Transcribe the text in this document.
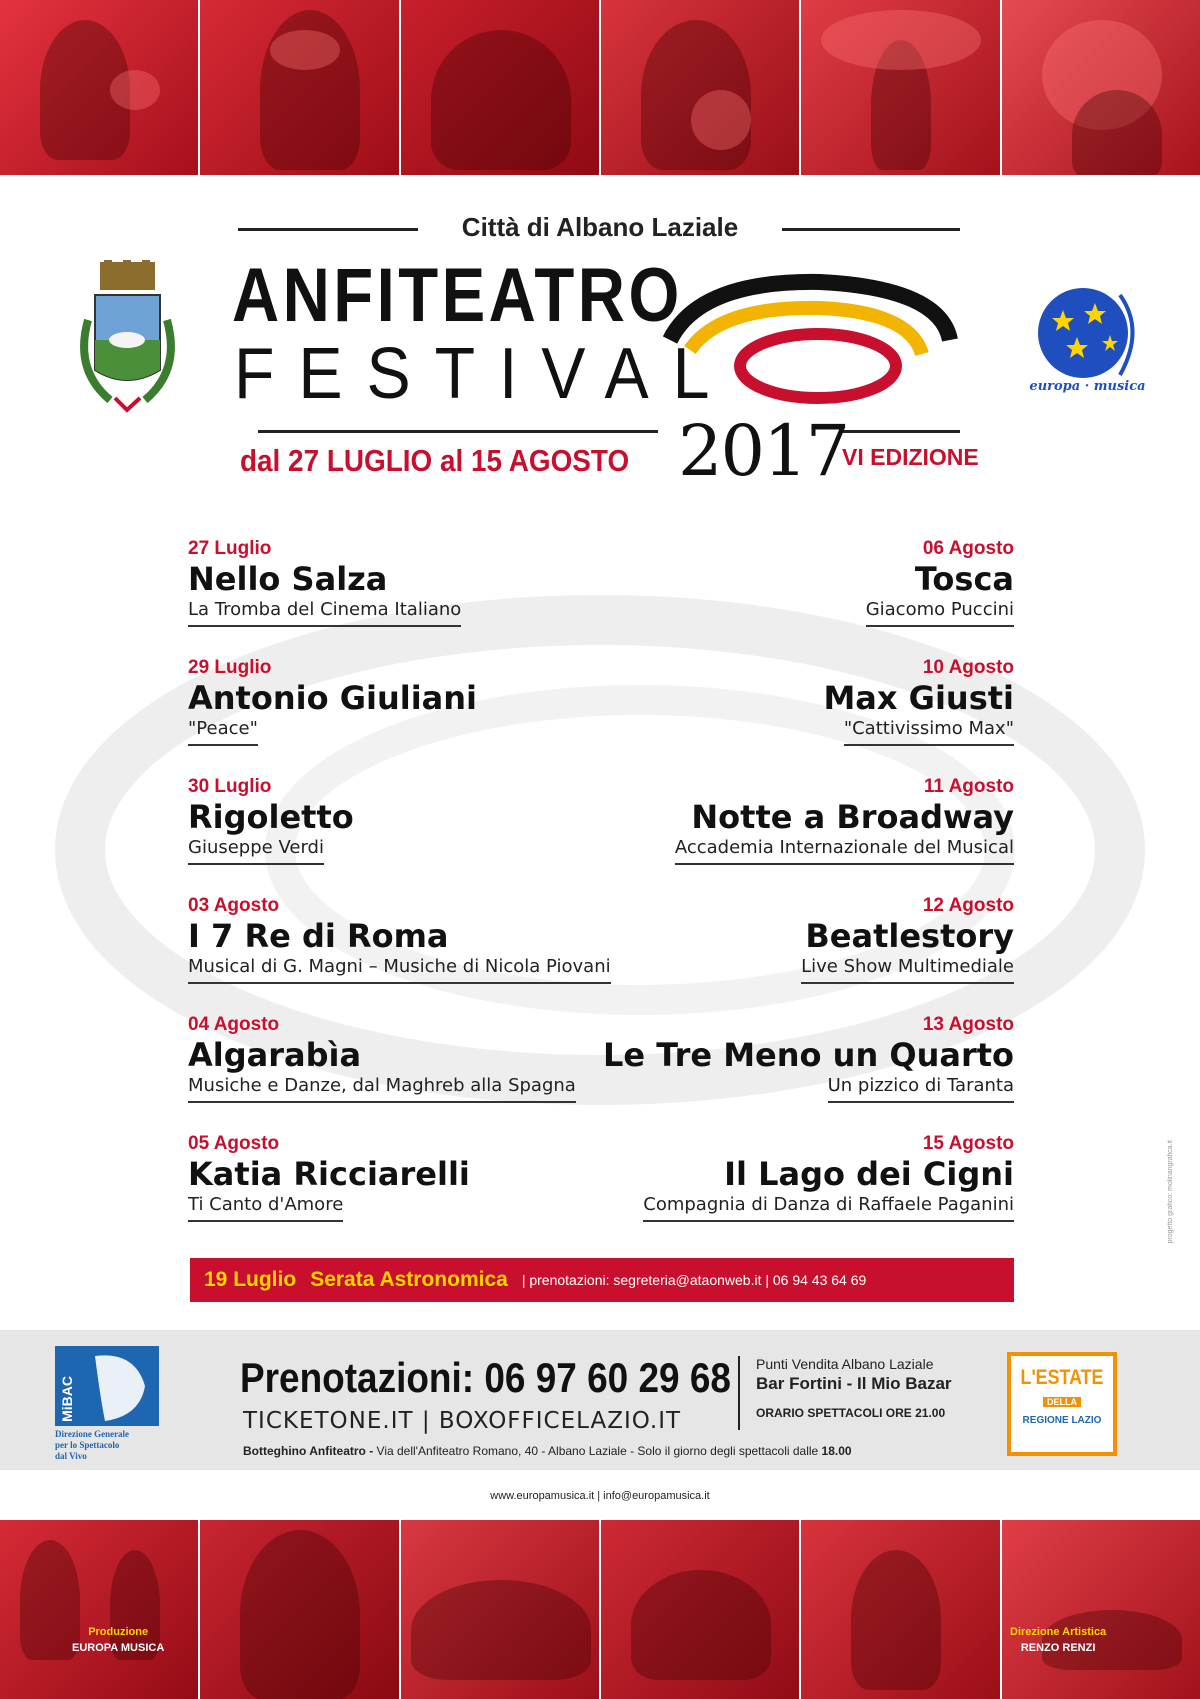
Città di Albano Laziale
ANFITEATRO
FESTIVAL
dal 27 LUGLIO al 15 AGOSTO 2017
VI EDIZIONE
europa · musica
27 Luglio
Nello Salza
La Tromba del Cinema Italiano
29 Luglio
Antonio Giuliani
"Peace"
30 Luglio
Rigoletto
Giuseppe Verdi
03 Agosto
I 7 Re di Roma
Musical di G. Magni – Musiche di Nicola Piovani
04 Agosto
Algarabìa
Musiche e Danze, dal Maghreb alla Spagna
05 Agosto
Katia Ricciarelli
Ti Canto d'Amore
06 Agosto
Tosca
Giacomo Puccini
10 Agosto
Max Giusti
"Cattivissimo Max"
11 Agosto
Notte a Broadway
Accademia Internazionale del Musical
12 Agosto
Beatlestory
Live Show Multimediale
13 Agosto
Le Tre Meno un Quarto
Un pizzico di Taranta
15 Agosto
Il Lago dei Cigni
Compagnia di Danza di Raffaele Paganini
19 Luglio Serata Astronomica | prenotazioni: segreteria@ataonweb.it | 06 94 43 64 69
progetto grafico: molinarigrafica.it
MiBAC
Direzione Generale
per lo Spettacolo
dal Vivo
Prenotazioni: 06 97 60 29 68
TICKETONE.IT | BOXOFFICELAZIO.IT
Botteghino Anfiteatro - Via dell'Anfiteatro Romano, 40 - Albano Laziale - Solo il giorno degli spettacoli dalle 18.00
Punti Vendita Albano Laziale
Bar Fortini - Il Mio Bazar
ORARIO SPETTACOLI ORE 21.00
L'ESTATE
DELLA
REGIONE LAZIO
www.europamusica.it | info@europamusica.it
Produzione
EUROPA MUSICA
Direzione Artistica
RENZO RENZI
